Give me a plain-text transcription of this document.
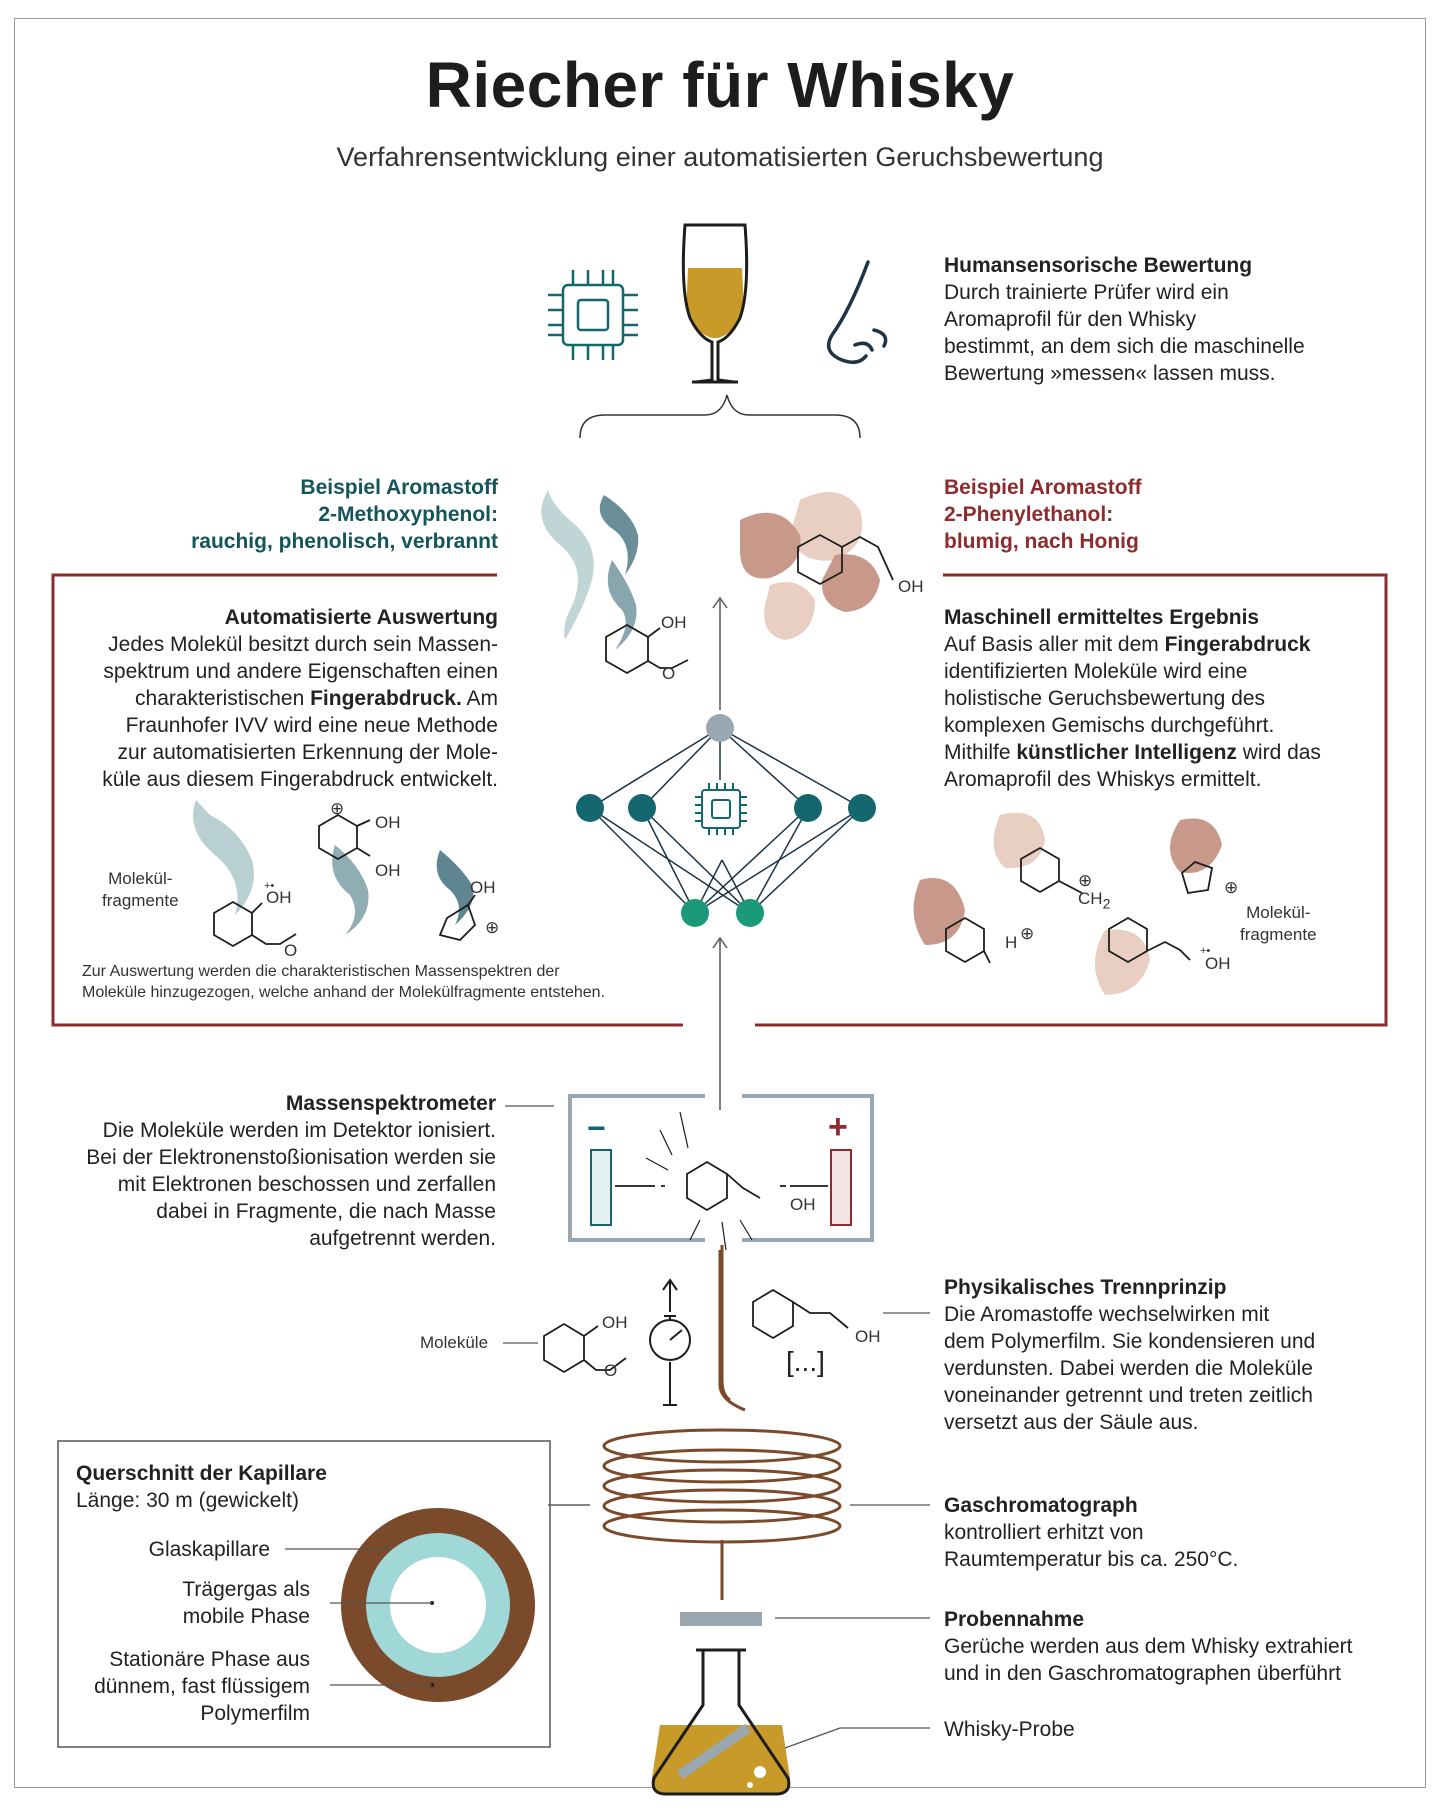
Riecher für Whisky
Verfahrensentwicklung einer automatisierten Geruchsbewertung
Humansensorische Bewertung
Durch trainierte Prüfer wird ein
Aromaprofil für den Whisky
bestimmt, an dem sich die maschinelle
Bewertung »messen« lassen muss.
Beispiel Aromastoff
2-Methoxyphenol:
rauchig, phenolisch, verbrannt
Beispiel Aromastoff
2-Phenylethanol:
blumig, nach Honig
Automatisierte Auswertung
Jedes Molekül besitzt durch sein Massen-
spektrum und andere Eigenschaften einen
charakteristischen Fingerabdruck. Am
Fraunhofer IVV wird eine neue Methode
zur automatisierten Erkennung der Mole-
küle aus diesem Fingerabdruck entwickelt.
Maschinell ermitteltes Ergebnis
Auf Basis aller mit dem Fingerabdruck
identifizierten Moleküle wird eine
holistische Geruchsbewertung des
komplexen Gemischs durchgeführt.
Mithilfe künstlicher Intelligenz wird das
Aromaprofil des Whiskys ermittelt.
OH
O
OH
Molekül-
fragmente
+•
OH
O
⊕
OH
OH
OH
⊕
Zur Auswertung werden die charakteristischen Massenspektren der
Moleküle hinzugezogen, welche anhand der Molekülfragmente entstehen.
⊕
$CH_2$
⊕
Molekül-
fragmente
⊕
H	+•
OH
Massenspektrometer
Die Moleküle werden im Detektor ionisiert.
Bei der Elektronenstoßionisation werden sie
mit Elektronen beschossen und zerfallen
dabei in Fragmente, die nach Masse
aufgetrennt werden.
−	+
OH
Moleküle
OH
O
OH
[...]
Physikalisches Trennprinzip
Die Aromastoffe wechselwirken mit
dem Polymerfilm. Sie kondensieren und
verdunsten. Dabei werden die Moleküle
voneinander getrennt und treten zeitlich
versetzt aus der Säule aus.
Querschnitt der Kapillare
Länge: 30 m (gewickelt)
Glaskapillare
Trägergas als
mobile Phase
Stationäre Phase aus
dünnem, fast flüssigem
Polymerfilm
Gaschromatograph
kontrolliert erhitzt von
Raumtemperatur bis ca. 250°C.
Probennahme
Gerüche werden aus dem Whisky extrahiert
und in den Gaschromatographen überführt
Whisky-Probe
